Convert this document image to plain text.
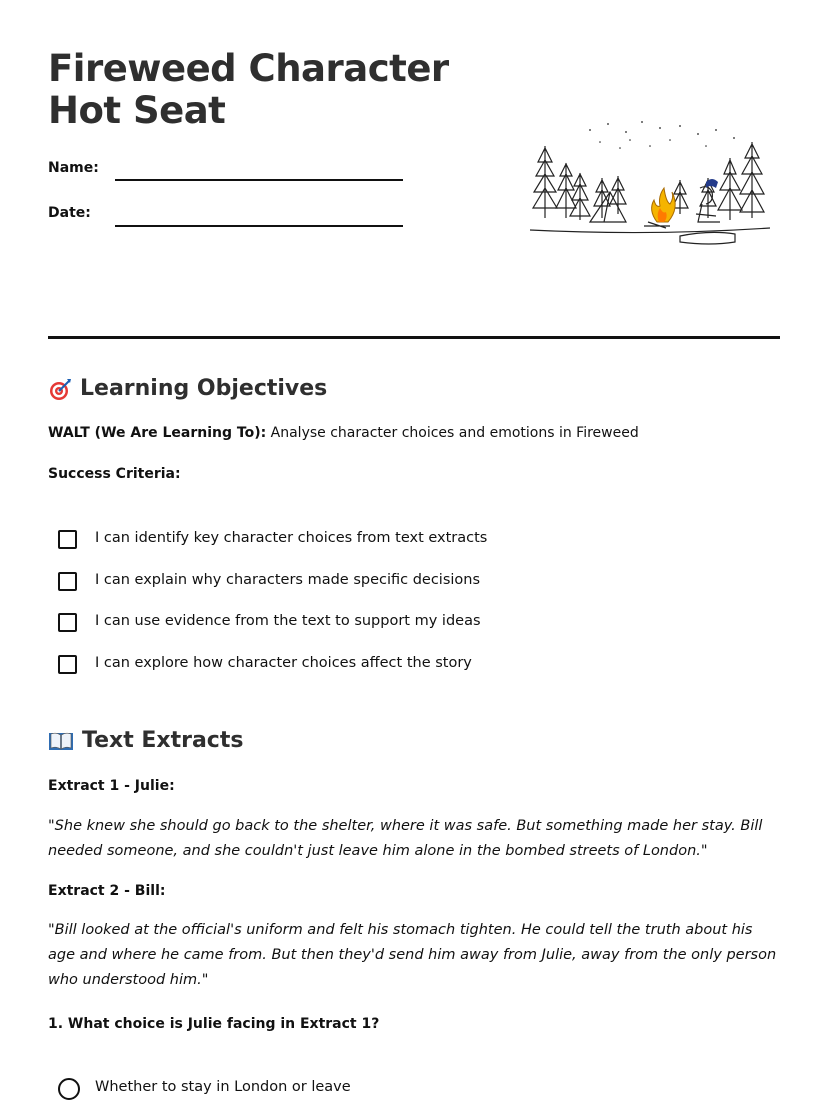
Fireweed Character Hot Seat
Name:
Date:
Learning Objectives
WALT (We Are Learning To): Analyse character choices and emotions in Fireweed
Success Criteria:
I can identify key character choices from text extracts
I can explain why characters made specific decisions
I can use evidence from the text to support my ideas
I can explore how character choices affect the story
Text Extracts
Extract 1 - Julie:
"She knew she should go back to the shelter, where it was safe. But something made her stay. Bill needed someone, and she couldn't just leave him alone in the bombed streets of London."
Extract 2 - Bill:
"Bill looked at the official's uniform and felt his stomach tighten. He could tell the truth about his age and where he came from. But then they'd send him away from Julie, away from the only person who understood him."
1. What choice is Julie facing in Extract 1?
Whether to stay in London or leave
